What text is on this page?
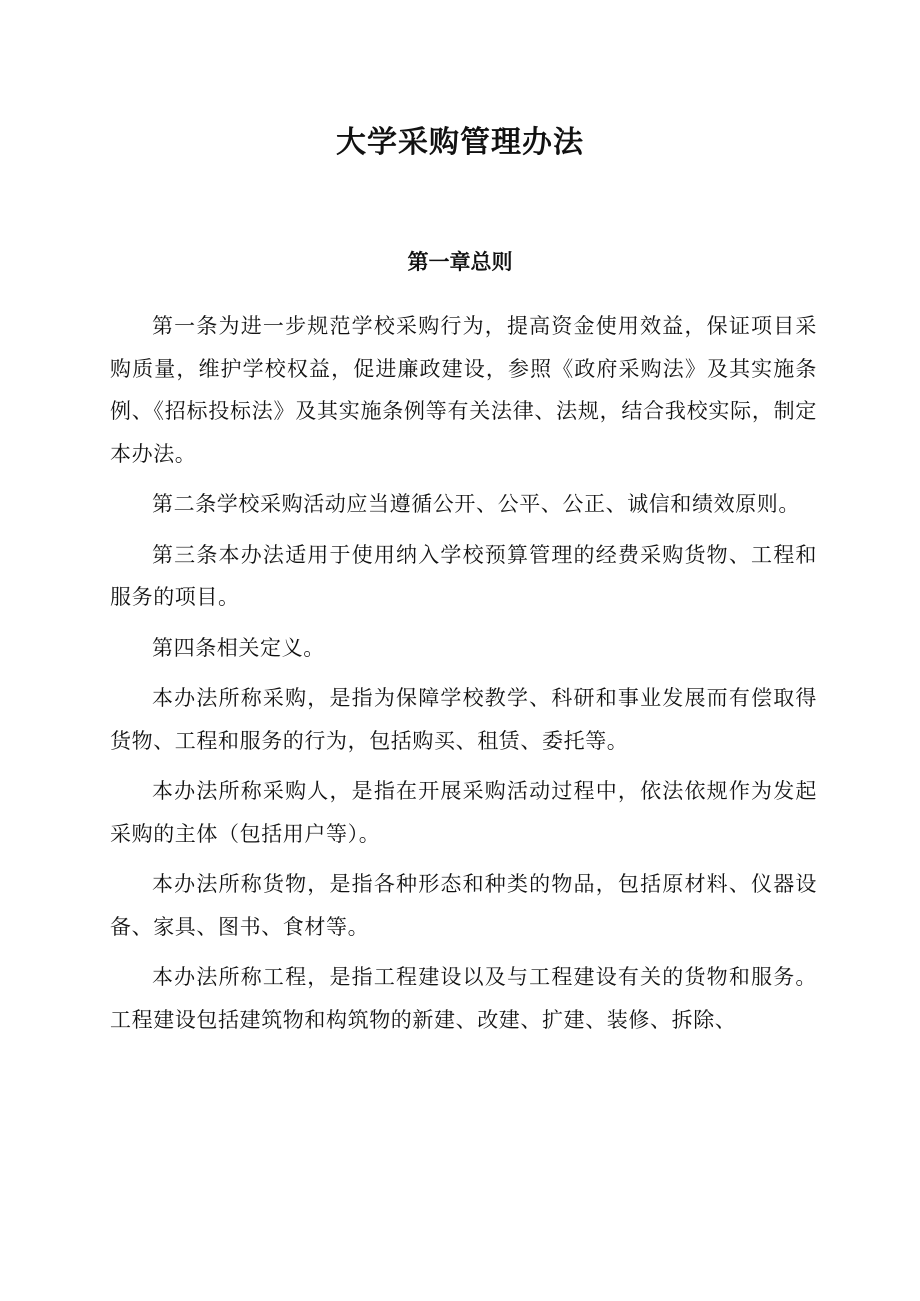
大学采购管理办法
第一章总则

第一条为进一步规范学校采购行为，提高资金使用效益，保证项目采购质量，维护学校权益，促进廉政建设，参照《政府采购法》及其实施条例、《招标投标法》及其实施条例等有关法律、法规，结合我校实际，制定本办法。

第二条学校采购活动应当遵循公开、公平、公正、诚信和绩效原则。

第三条本办法适用于使用纳入学校预算管理的经费采购货物、工程和服务的项目。

第四条相关定义。

本办法所称采购，是指为保障学校教学、科研和事业发展而有偿取得货物、工程和服务的行为，包括购买、租赁、委托等。

本办法所称采购人，是指在开展采购活动过程中，依法依规作为发起采购的主体（包括用户等）。

本办法所称货物，是指各种形态和种类的物品，包括原材料、仪器设备、家具、图书、食材等。

本办法所称工程，是指工程建设以及与工程建设有关的货物和服务。工程建设包括建筑物和构筑物的新建、改建、扩建、装修、拆除、
